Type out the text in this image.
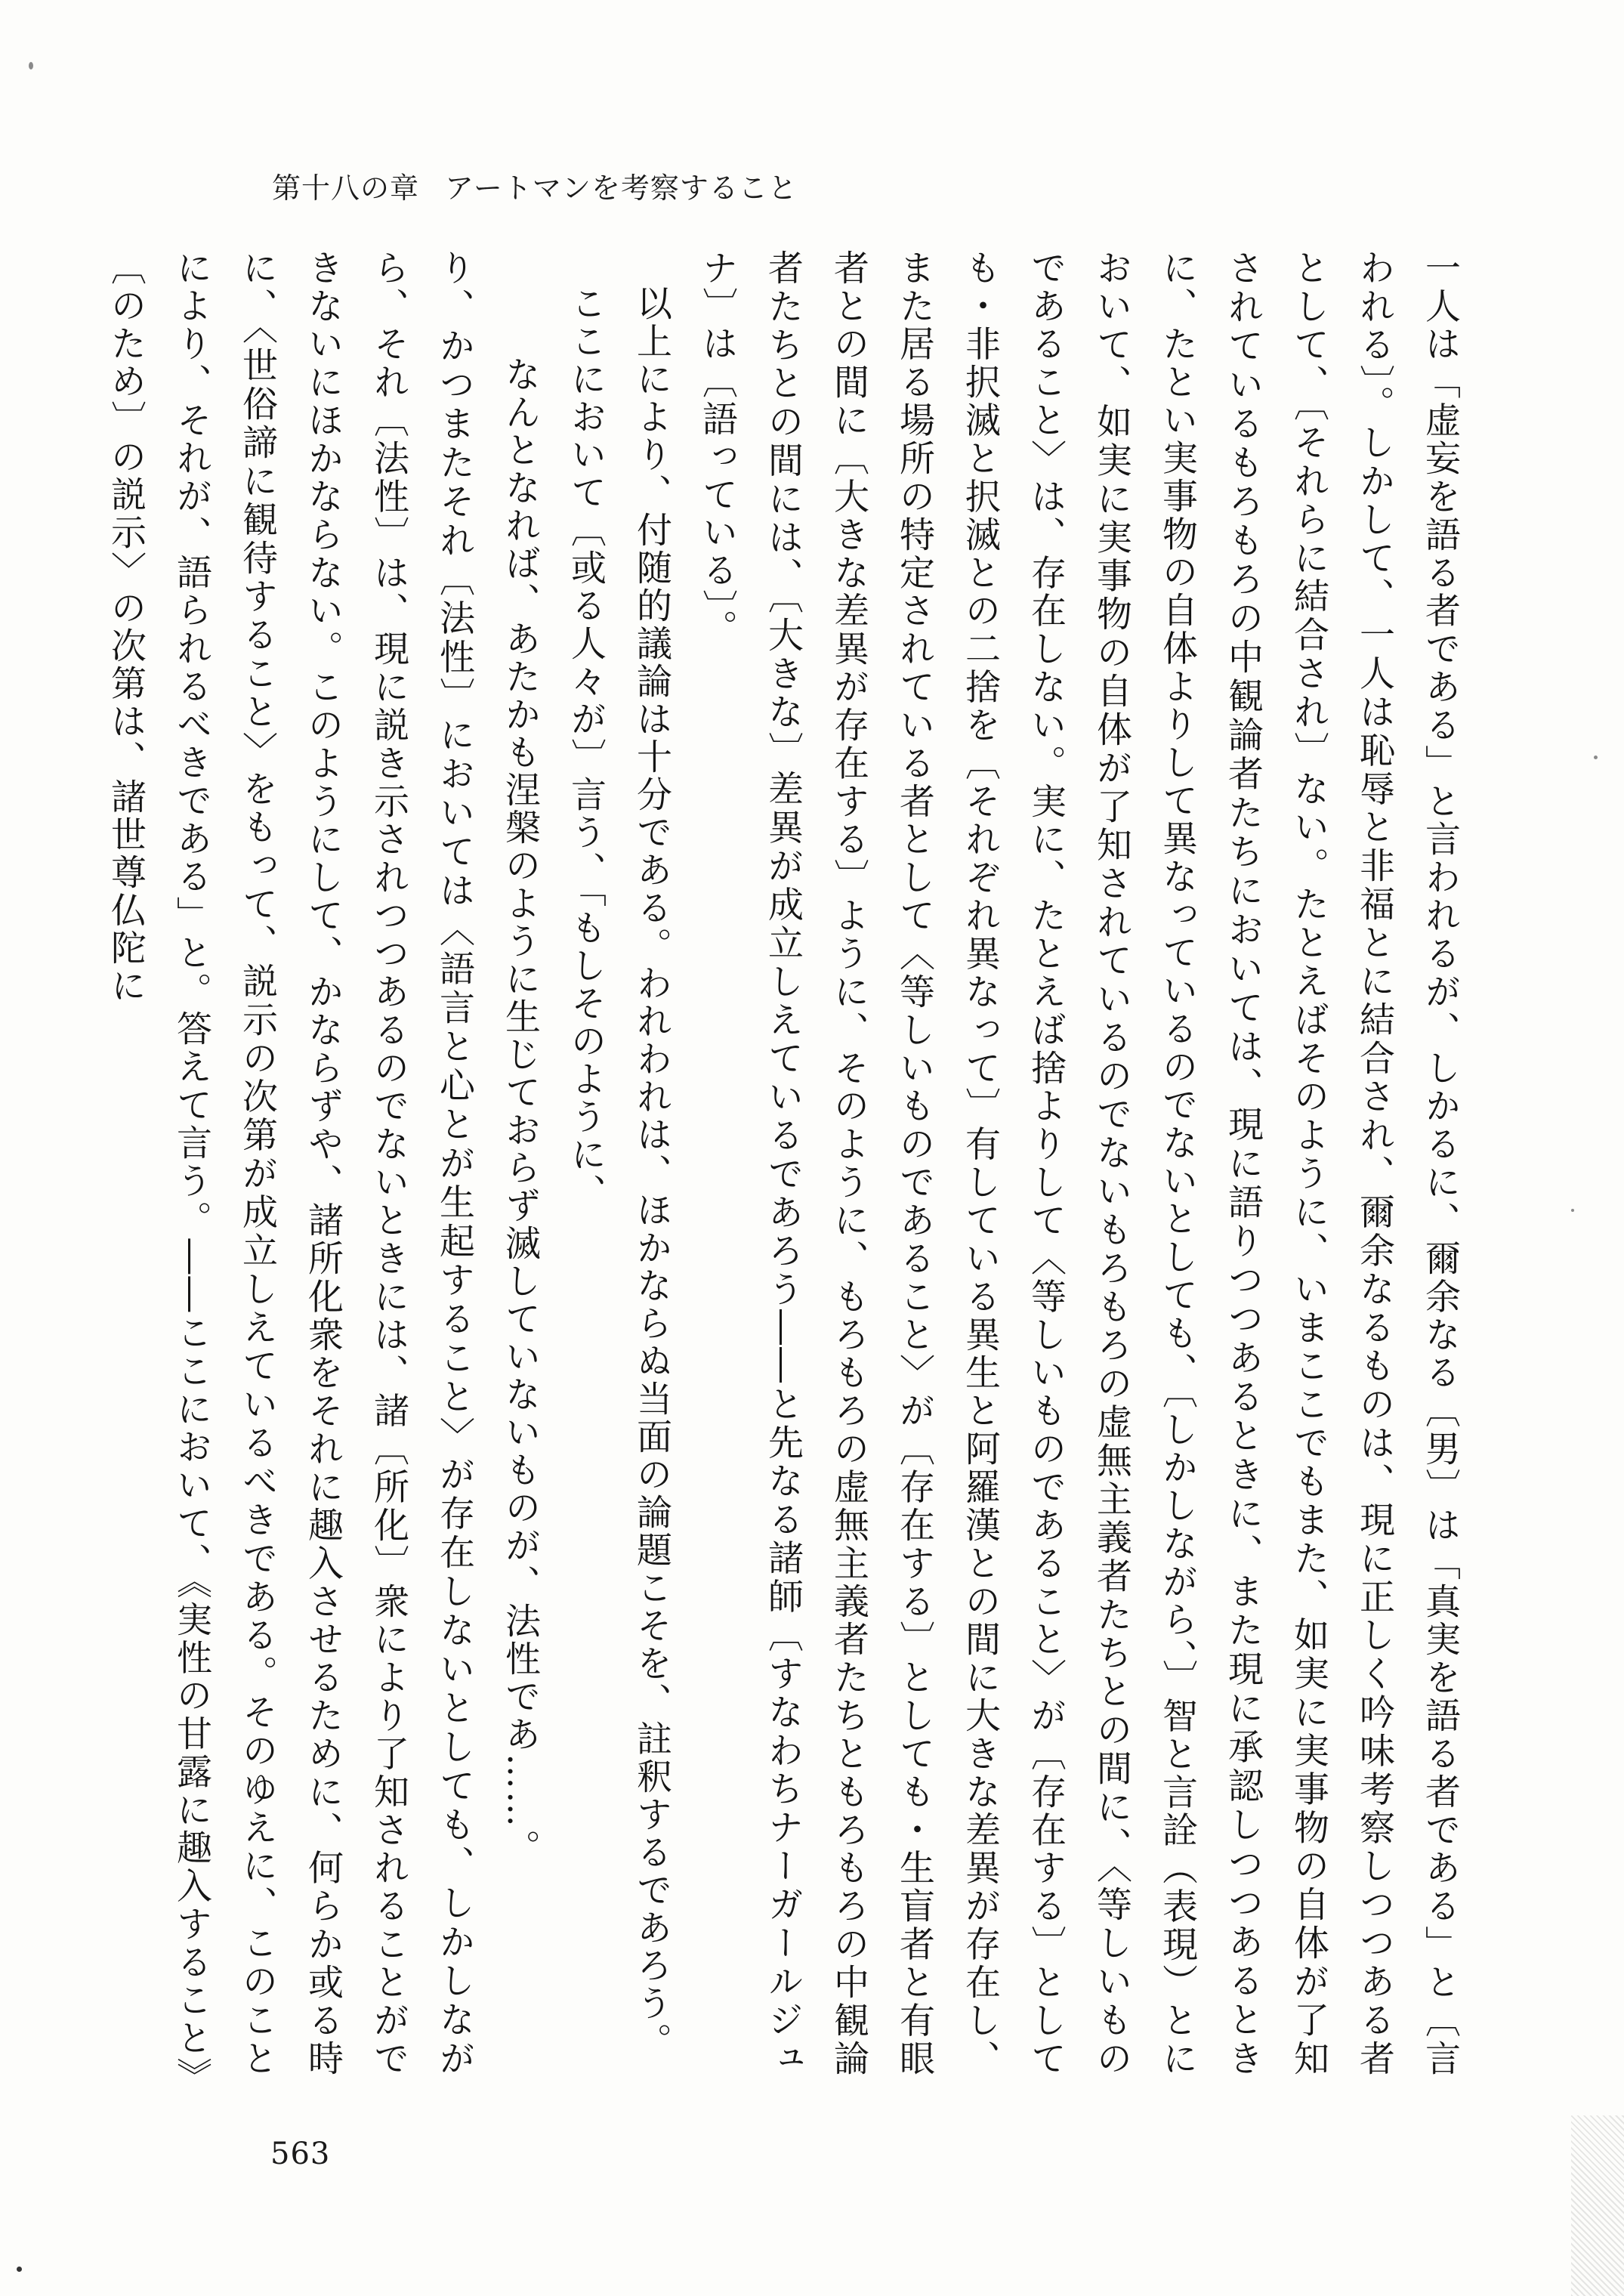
第十八の章 アートマンを考察すること

一人は「虚妄を語る者である」と言われるが、しかるに、爾余なる〔男〕は「真実を語る者である」と〔言われる〕。しかして、一人は恥辱と非福とに結合され、爾余なるものは、現に正しく吟味考察しつつある者として、〔それらに結合され〕ない。たとえばそのように、いまここでもまた、如実に実事物の自体が了知されているもろもろの中観論者たちにおいては、現に語りつつあるときに、また現に承認しつつあるときに、たとい実事物の自体よりして異なっているのでないとしても、〔しかしながら、〕智と言詮（表現）とにおいて、如実に実事物の自体が了知されているのでないもろもろの虚無主義者たちとの間に、〈等しいものであること〉は、存在しない。実に、たとえば捨よりして〈等しいものであること〉が〔存在する〕としても・非択滅と択滅との二捨を〔それぞれ異なって〕有している異生と阿羅漢との間に大きな差異が存在し、また居る場所の特定されている者として〈等しいものであること〉が〔存在する〕としても・生盲者と有眼者との間に〔大きな差異が存在する〕ように、そのように、もろもろの虚無主義者たちともろもろの中観論者たちとの間には、〔大きな〕差異が成立しえているであろう――と先なる諸師〔すなわちナーガールジュナ〕は〔語っている〕。

以上により、付随的議論は十分である。われわれは、ほかならぬ当面の論題こそを、註釈するであろう。

ここにおいて〔或る人々が〕言う、「もしそのように、

なんとなれば、あたかも涅槃のように生じておらず滅していないものが、法性であ……。

り、かつまたそれ〔法性〕においては〈語言と心とが生起すること〉が存在しないとしても、しかしながら、それ〔法性〕は、現に説き示されつつあるのでないときには、諸〔所化〕衆により了知されることができないにほかならない。このようにして、かならずや、諸所化衆をそれに趣入させるために、何らか或る時に、〈世俗諦に観待すること〉をもって、説示の次第が成立しえているべきである。そのゆえに、このことにより、それが、語られるべきである」と。答えて言う。――ここにおいて、《実性の甘露に趣入すること》〔のため〕の説示〉の次第は、諸世尊仏陀に

563
